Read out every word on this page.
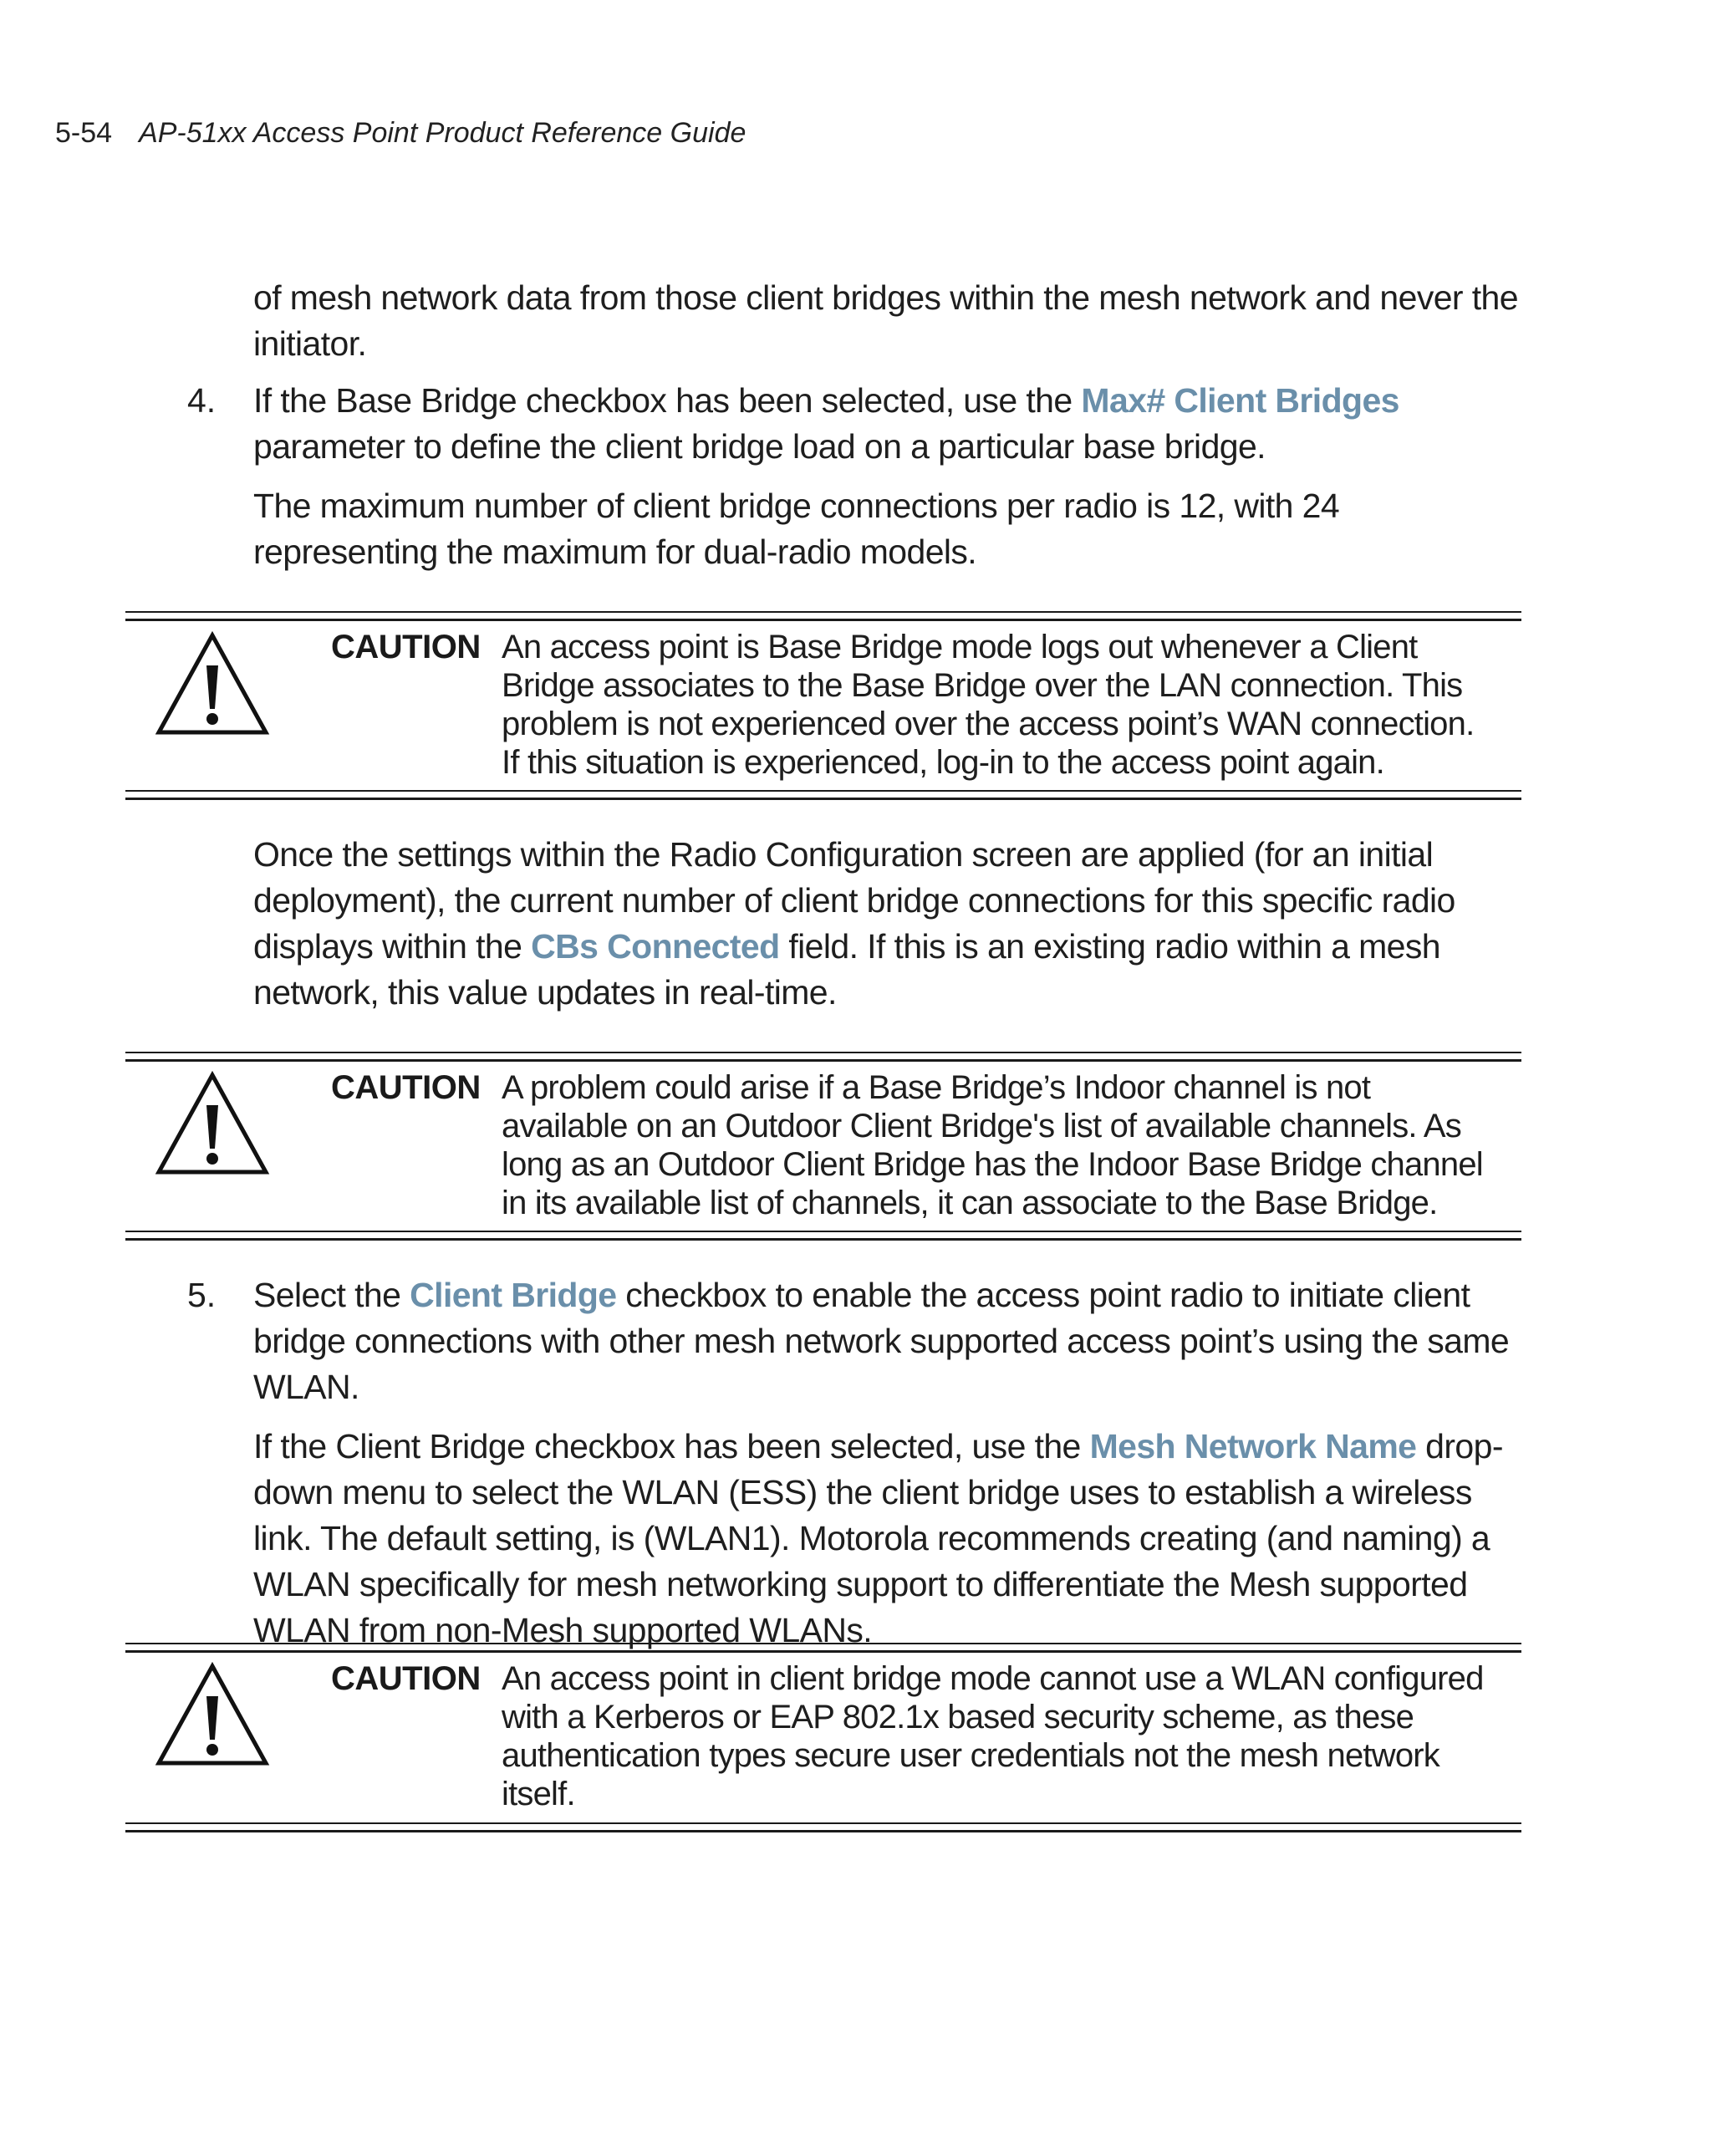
5-54 AP-51xx Access Point Product Reference Guide

of mesh network data from those client bridges within the mesh network and never the initiator.

4. If the Base Bridge checkbox has been selected, use the Max# Client Bridges parameter to define the client bridge load on a particular base bridge.

The maximum number of client bridge connections per radio is 12, with 24 representing the maximum for dual-radio models.

CAUTION An access point is Base Bridge mode logs out whenever a Client Bridge associates to the Base Bridge over the LAN connection. This problem is not experienced over the access point’s WAN connection. If this situation is experienced, log-in to the access point again.

Once the settings within the Radio Configuration screen are applied (for an initial deployment), the current number of client bridge connections for this specific radio displays within the CBs Connected field. If this is an existing radio within a mesh network, this value updates in real-time.

CAUTION A problem could arise if a Base Bridge’s Indoor channel is not available on an Outdoor Client Bridge's list of available channels. As long as an Outdoor Client Bridge has the Indoor Base Bridge channel in its available list of channels, it can associate to the Base Bridge.
5. Select the Client Bridge checkbox to enable the access point radio to initiate client bridge connections with other mesh network supported access point’s using the same WLAN.

If the Client Bridge checkbox has been selected, use the Mesh Network Name drop-down menu to select the WLAN (ESS) the client bridge uses to establish a wireless link. The default setting, is (WLAN1). Motorola recommends creating (and naming) a WLAN specifically for mesh networking support to differentiate the Mesh supported WLAN from non-Mesh supported WLANs.

CAUTION An access point in client bridge mode cannot use a WLAN configured with a Kerberos or EAP 802.1x based security scheme, as these authentication types secure user credentials not the mesh network itself.
